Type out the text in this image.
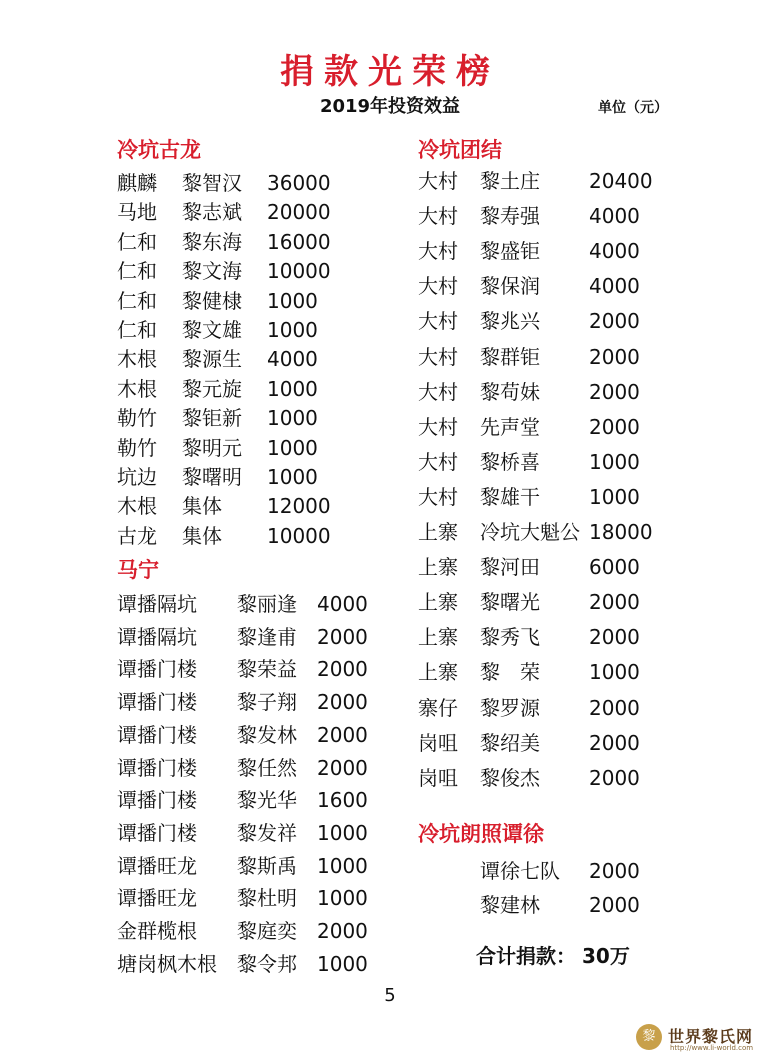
捐款光荣榜
2019年投资效益	单位（元）
冷坑古龙
麒麟 黎智汉 36000
马地 黎志斌 20000
仁和 黎东海 16000
仁和 黎文海 10000
仁和 黎健棣 1000
仁和 黎文雄 1000
木根 黎源生 4000
木根 黎元旋 1000
勒竹 黎钜新 1000
勒竹 黎明元 1000
坑边 黎曙明 1000
木根 集体 12000
古龙 集体 10000
马宁
谭播隔坑 黎丽逢 4000
谭播隔坑 黎逢甫 2000
谭播门楼 黎荣益 2000
谭播门楼 黎子翔 2000
谭播门楼 黎发林 2000
谭播门楼 黎任然 2000
谭播门楼 黎光华 1600
谭播门楼 黎发祥 1000
谭播旺龙 黎斯禹 1000
谭播旺龙 黎杜明 1000
金群榄根 黎庭奕 2000
塘岗枫木根 黎令邦 1000
冷坑团结
大村 黎土庄 20400
大村 黎寿强 4000
大村 黎盛钜 4000
大村 黎保润 4000
大村 黎兆兴 2000
大村 黎群钜 2000
大村 黎苟妹 2000
大村 先声堂 2000
大村 黎桥喜 1000
大村 黎雄干 1000
上寨 冷坑大魁公 18000
上寨 黎河田 6000
上寨 黎曙光 2000
上寨 黎秀飞 2000
上寨 黎　荣 1000
寨仔 黎罗源 2000
岗咀 黎绍美 2000
岗咀 黎俊杰 2000
冷坑朗照谭徐
谭徐七队 2000
黎建林 2000
合计捐款： 30万
5
黎 世界黎氏网
http://www.li-world.com
